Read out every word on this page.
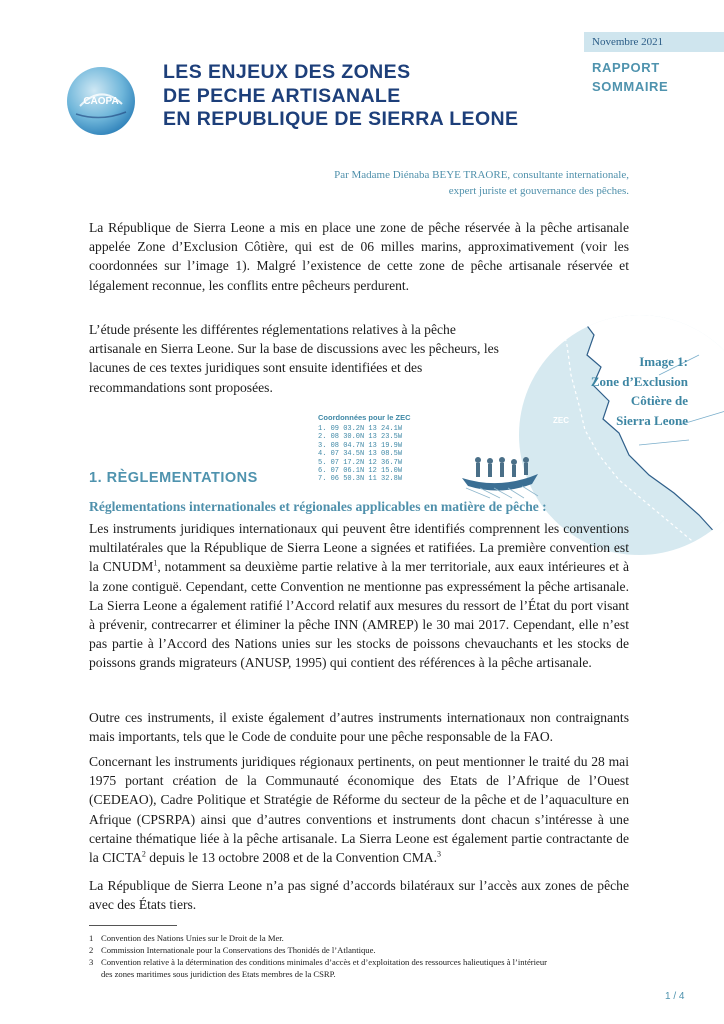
CAOPA
LES ENJEUX DES ZONES
DE PECHE ARTISANALE
EN REPUBLIQUE DE SIERRA LEONE
Novembre 2021
RAPPORT
SOMMAIRE
Par Madame Diénaba BEYE TRAORE, consultante internationale,
expert juriste et gouvernance des pêches.
La République de Sierra Leone a mis en place une zone de pêche réservée à la pêche artisanale appelée Zone d’Exclusion Côtière, qui est de 06 milles marins, approximativement (voir les coordonnées sur l’image 1). Malgré l’existence de cette zone de pêche artisanale réservée et légalement reconnue, les conflits entre pêcheurs perdurent.
L’étude présente les différentes réglementations relatives à la pêche artisanale en Sierra Leone. Sur la base de discussions avec les pêcheurs, les lacunes de ces textes juridiques sont ensuite identifiées et des recommandations sont proposées.
ZEC
Image 1:
Zone d’Exclusion
Côtière de
Sierra Leone
Coordonnées pour le ZEC
1. 09 03.2N 13 24.1W
2. 08 30.0N 13 23.5W
3. 08 04.7N 13 19.9W
4. 07 34.5N 13 08.5W
5. 07 17.2N 12 36.7W
6. 07 06.1N 12 15.0W
7. 06 50.3N 11 32.8W
1. RÈGLEMENTATIONS
Réglementations internationales et régionales applicables en matière de pêche :
Les instruments juridiques internationaux qui peuvent être identifiés comprennent les conventions multilatérales que la République de Sierra Leone a signées et ratifiées. La première convention est la CNUDM$^1$, notamment sa deuxième partie relative à la mer territoriale, aux eaux intérieures et à la zone contiguë. Cependant, cette Convention ne mentionne pas expressément la pêche artisanale. La Sierra Leone a également ratifié l’Accord relatif aux mesures du ressort de l’État du port visant à prévenir, contrecarrer et éliminer la pêche INN (AMREP) le 30 mai 2017. Cependant, elle n’est pas partie à l’Accord des Nations unies sur les stocks de poissons chevauchants et les stocks de poissons grands migrateurs (ANUSP, 1995) qui contient des références à la pêche artisanale.
Outre ces instruments, il existe également d’autres instruments internationaux non contraignants mais importants, tels que le Code de conduite pour une pêche responsable de la FAO.
Concernant les instruments juridiques régionaux pertinents, on peut mentionner le traité du 28 mai 1975 portant création de la Communauté économique des Etats de l’Afrique de l’Ouest (CEDEAO), Cadre Politique et Stratégie de Réforme du secteur de la pêche et de l’aquaculture en Afrique (CPSRPA) ainsi que d’autres conventions et instruments dont chacun s’intéresse à une certaine thématique liée à la pêche artisanale. La Sierra Leone est également partie contractante de la CICTA$^2$ depuis le 13 octobre 2008 et de la Convention CMA.$^3$
La République de Sierra Leone n’a pas signé d’accords bilatéraux sur l’accès aux zones de pêche avec des États tiers.
1 Convention des Nations Unies sur le Droit de la Mer.
2 Commission Internationale pour la Conservations des Thonidés de l’Atlantique.
3 Convention relative à la détermination des conditions minimales d’accès et d’exploitation des ressources halieutiques à l’intérieur
des zones maritimes sous juridiction des Etats membres de la CSRP.
1 / 4
